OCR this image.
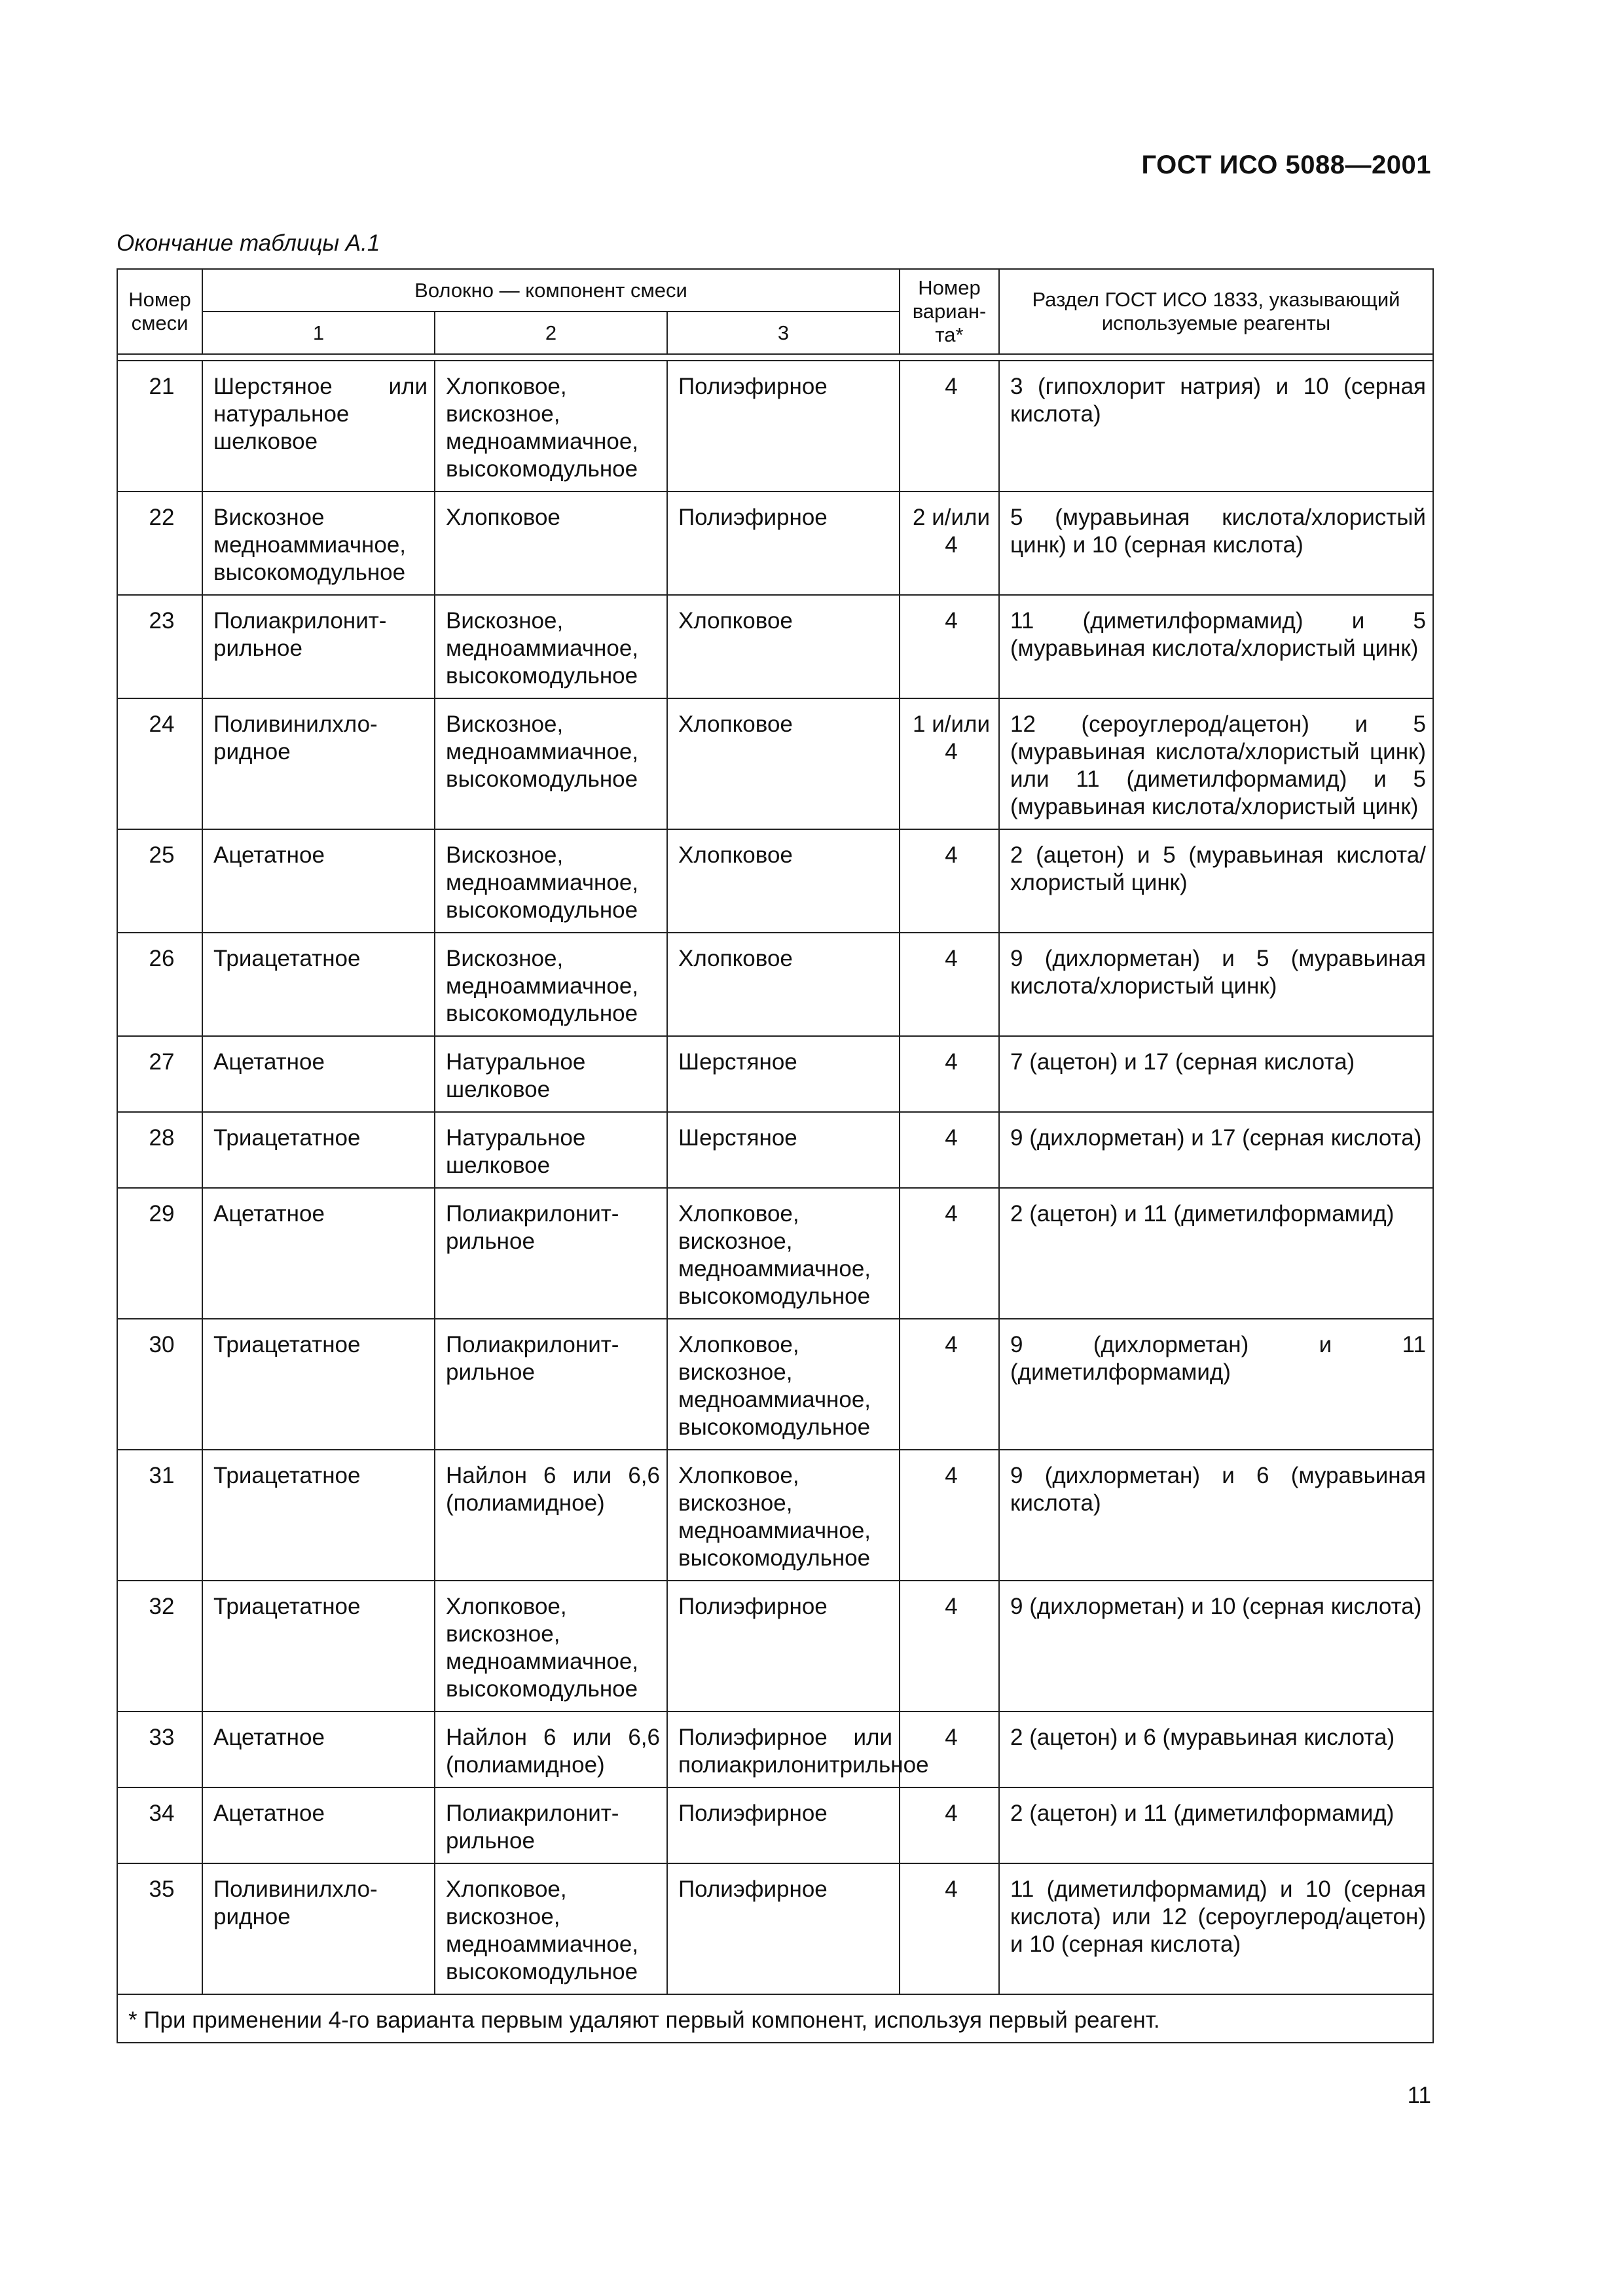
ГОСТ ИСО 5088—2001
Окончание таблицы А.1
Номер смеси	Волокно — компонент смеси			Номер вариан-та*	Раздел ГОСТ ИСО 1833, указывающий используемые реагенты
	1	2	3		

21	Шерстяное или натуральное шелковое	Хлопковое, вискозное, медноаммиачное, высокомодульное	Полиэфирное	4	3 (гипохлорит натрия) и 10 (серная кислота)
22	Вискозное медноаммиачное, высокомодульное	Хлопковое	Полиэфирное	2 и/или 4	5 (муравьиная кислота/хлористый цинк) и 10 (серная кислота)
23	Полиакрилонит-рильное	Вискозное, медноаммиачное, высокомодульное	Хлопковое	4	11 (диметилформамид) и 5 (муравьиная кислота/хлористый цинк)
24	Поливинилхло-ридное	Вискозное, медноаммиачное, высокомодульное	Хлопковое	1 и/или 4	12 (сероуглерод/ацетон) и 5 (муравьиная кислота/хлористый цинк) или 11 (диметилформамид) и 5 (муравьиная кислота/хлористый цинк)
25	Ацетатное	Вискозное, медноаммиачное, высокомодульное	Хлопковое	4	2 (ацетон) и 5 (муравьиная кислота/хлористый цинк)
26	Триацетатное	Вискозное, медноаммиачное, высокомодульное	Хлопковое	4	9 (дихлорметан) и 5 (муравьиная кислота/хлористый цинк)
27	Ацетатное	Натуральное шелковое	Шерстяное	4	7 (ацетон) и 17 (серная кислота)
28	Триацетатное	Натуральное шелковое	Шерстяное	4	9 (дихлорметан) и 17 (серная кислота)
29	Ацетатное	Полиакрилонит-рильное	Хлопковое, вискозное, медноаммиачное, высокомодульное	4	2 (ацетон) и 11 (диметилформамид)
30	Триацетатное	Полиакрилонит-рильное	Хлопковое, вискозное, медноаммиачное, высокомодульное	4	9 (дихлорметан) и 11 (диметилформамид)
31	Триацетатное	Найлон 6 или 6,6 (полиамидное)	Хлопковое, вискозное, медноаммиачное, высокомодульное	4	9 (дихлорметан) и 6 (муравьиная кислота)
32	Триацетатное	Хлопковое, вискозное, медноаммиачное, высокомодульное	Полиэфирное	4	9 (дихлорметан) и 10 (серная кислота)
33	Ацетатное	Найлон 6 или 6,6 (полиамидное)	Полиэфирное или полиакрилонитрильное	4	2 (ацетон) и 6 (муравьиная кислота)
34	Ацетатное	Полиакрилонит-рильное	Полиэфирное	4	2 (ацетон) и 11 (диметилформамид)
35	Поливинилхло-ридное	Хлопковое, вискозное, медноаммиачное, высокомодульное	Полиэфирное	4	11 (диметилформамид) и 10 (серная кислота) или 12 (сероуглерод/ацетон) и 10 (серная кислота)
* При применении 4-го варианта первым удаляют первый компонент, используя первый реагент.					
11
